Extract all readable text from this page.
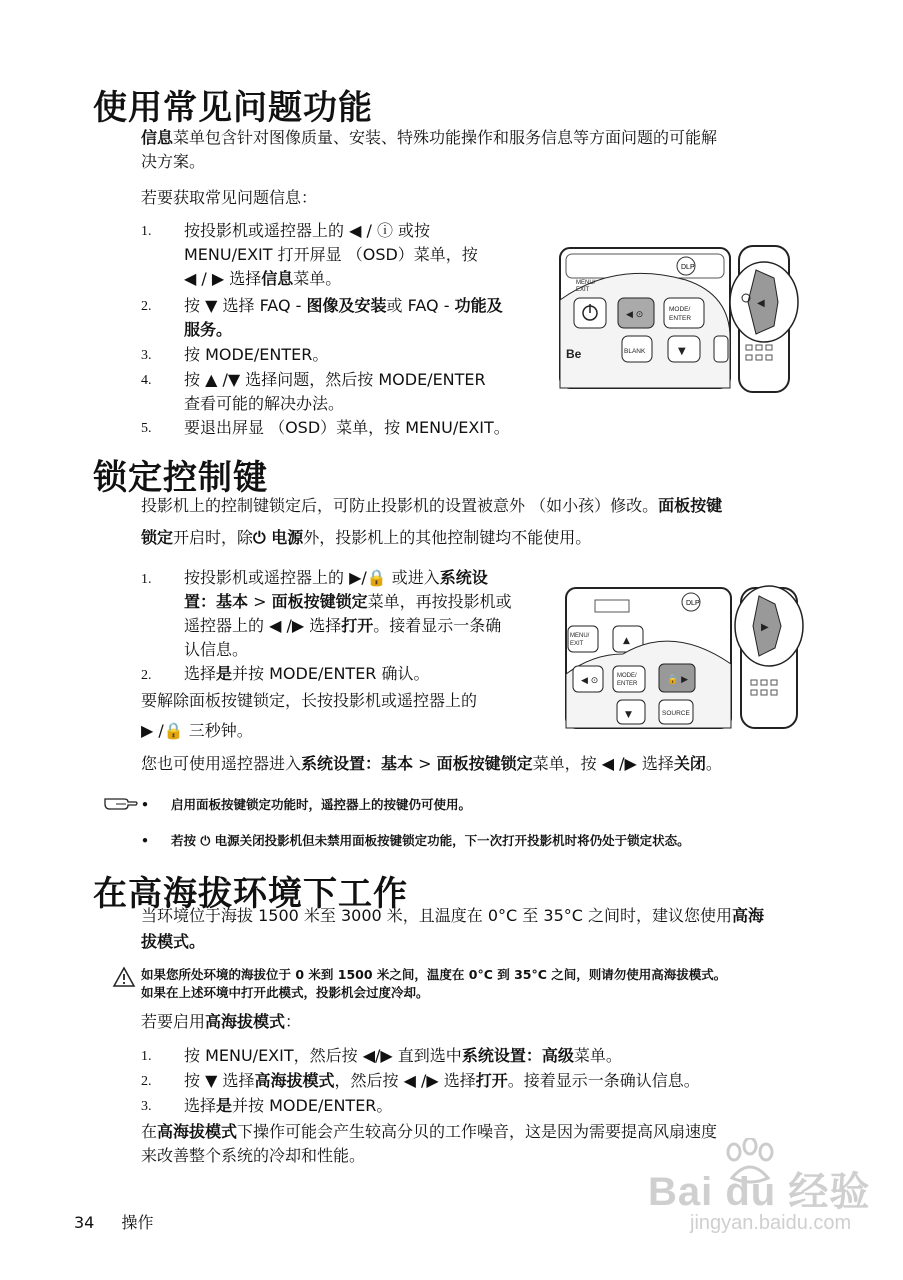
使用常见问题功能
信息菜单包含针对图像质量、安装、特殊功能操作和服务信息等方面问题的可能解
决方案。
若要获取常见问题信息：
1. 按投影机或遥控器上的 ◀ / ⓘ 或按
MENU/EXIT 打开屏显 （OSD）菜单，按
◀ / ▶ 选择信息菜单。
2. 按 ▼ 选择 FAQ - 图像及安装或 FAQ - 功能及
服务。
3. 按 MODE/ENTER。
4. 按 ▲ /▼ 选择问题，然后按 MODE/ENTER
查看可能的解决办法。
5. 要退出屏显 （OSD）菜单，按 MENU/EXIT。
DLP
◀ ⊙
MODE/
ENTER
BLANK	▼
Be
MENU/
EXIT
◀
锁定控制键
投影机上的控制键锁定后，可防止投影机的设置被意外 （如小孩）修改。面板按键
锁定开启时，除⏻ 电源外，投影机上的其他控制键均不能使用。
1. 按投影机或遥控器上的 ▶/🔒 或进入系统设
置：基本 > 面板按键锁定菜单，再按投影机或
遥控器上的 ◀ /▶ 选择打开。接着显示一条确
认信息。
2. 选择是并按 MODE/ENTER 确认。
要解除面板按键锁定，长按投影机或遥控器上的
▶ /🔒 三秒钟。
DLP
MENU/
EXIT	▲
◀ ⊙	MODE/
ENTER	🔒 ▶
▼	SOURCE
▶
您也可使用遥控器进入系统设置：基本 > 面板按键锁定菜单，按 ◀ /▶ 选择关闭。
• 启用面板按键锁定功能时，遥控器上的按键仍可使用。
• 若按 ⏻ 电源关闭投影机但未禁用面板按键锁定功能，下一次打开投影机时将仍处于锁定状态。
在高海拔环境下工作
当环境位于海拔 1500 米至 3000 米，且温度在 0°C 至 35°C 之间时，建议您使用高海
拔模式。
如果您所处环境的海拔位于 0 米到 1500 米之间，温度在 0°C 到 35°C 之间，则请勿使用高海拔模式。
如果在上述环境中打开此模式，投影机会过度冷却。
若要启用高海拔模式：
1. 按 MENU/EXIT，然后按 ◀/▶ 直到选中系统设置：高级菜单。
2. 按 ▼ 选择高海拔模式，然后按 ◀ /▶ 选择打开。接着显示一条确认信息。
3. 选择是并按 MODE/ENTER。
在高海拔模式下操作可能会产生较高分贝的工作噪音，这是因为需要提高风扇速度
来改善整个系统的冷却和性能。
34 操作
Bai du 经验
jingyan.baidu.com
